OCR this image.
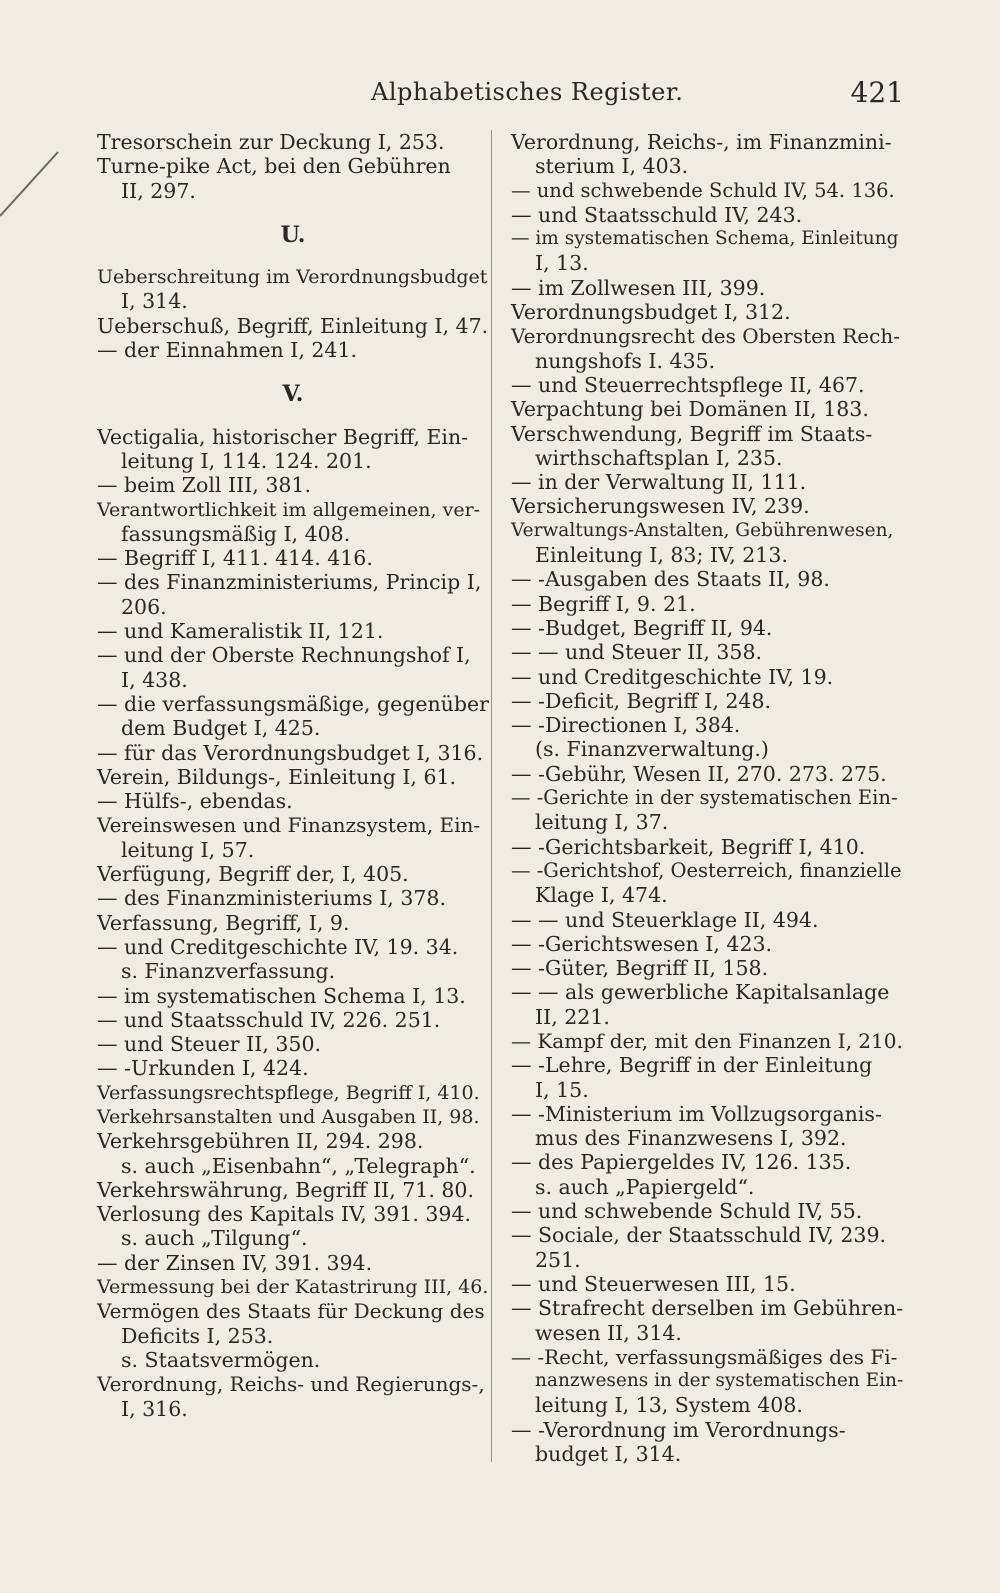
Alphabetisches Register.	421
Tresorschein zur Deckung I, 253.
Turne-pike Act, bei den Gebühren
II, 297.
U.
Ueberschreitung im Verordnungsbudget
I, 314.
Ueberschuß, Begriff, Einleitung I, 47.
— der Einnahmen I, 241.
V.
Vectigalia, historischer Begriff, Ein-
leitung I, 114. 124. 201.
— beim Zoll III, 381.
Verantwortlichkeit im allgemeinen, ver-
fassungsmäßig I, 408.
— Begriff I, 411. 414. 416.
— des Finanzministeriums, Princip I,
206.
— und Kameralistik II, 121.
— und der Oberste Rechnungshof I,
I, 438.
— die verfassungsmäßige, gegenüber
dem Budget I, 425.
— für das Verordnungsbudget I, 316.
Verein, Bildungs-, Einleitung I, 61.
— Hülfs-, ebendas.
Vereinswesen und Finanzsystem, Ein-
leitung I, 57.
Verfügung, Begriff der, I, 405.
— des Finanzministeriums I, 378.
Verfassung, Begriff, I, 9.
— und Creditgeschichte IV, 19. 34.
s. Finanzverfassung.
— im systematischen Schema I, 13.
— und Staatsschuld IV, 226. 251.
— und Steuer II, 350.
— -Urkunden I, 424.
Verfassungsrechtspflege, Begriff I, 410.
Verkehrsanstalten und Ausgaben II, 98.
Verkehrsgebühren II, 294. 298.
s. auch „Eisenbahn“, „Telegraph“.
Verkehrswährung, Begriff II, 71. 80.
Verlosung des Kapitals IV, 391. 394.
s. auch „Tilgung“.
— der Zinsen IV, 391. 394.
Vermessung bei der Katastrirung III, 46.
Vermögen des Staats für Deckung des
Deficits I, 253.
s. Staatsvermögen.
Verordnung, Reichs- und Regierungs-,
I, 316.
Verordnung, Reichs-, im Finanzmini-
sterium I, 403.
— und schwebende Schuld IV, 54. 136.
— und Staatsschuld IV, 243.
— im systematischen Schema, Einleitung
I, 13.
— im Zollwesen III, 399.
Verordnungsbudget I, 312.
Verordnungsrecht des Obersten Rech-
nungshofs I. 435.
— und Steuerrechtspflege II, 467.
Verpachtung bei Domänen II, 183.
Verschwendung, Begriff im Staats-
wirthschaftsplan I, 235.
— in der Verwaltung II, 111.
Versicherungswesen IV, 239.
Verwaltungs-Anstalten, Gebührenwesen,
Einleitung I, 83; IV, 213.
— -Ausgaben des Staats II, 98.
— Begriff I, 9. 21.
— -Budget, Begriff II, 94.
— — und Steuer II, 358.
— und Creditgeschichte IV, 19.
— -Deficit, Begriff I, 248.
— -Directionen I, 384.
(s. Finanzverwaltung.)
— -Gebühr, Wesen II, 270. 273. 275.
— -Gerichte in der systematischen Ein-
leitung I, 37.
— -Gerichtsbarkeit, Begriff I, 410.
— -Gerichtshof, Oesterreich, finanzielle
Klage I, 474.
— — und Steuerklage II, 494.
— -Gerichtswesen I, 423.
— -Güter, Begriff II, 158.
— — als gewerbliche Kapitalsanlage
II, 221.
— Kampf der, mit den Finanzen I, 210.
— -Lehre, Begriff in der Einleitung
I, 15.
— -Ministerium im Vollzugsorganis-
mus des Finanzwesens I, 392.
— des Papiergeldes IV, 126. 135.
s. auch „Papiergeld“.
— und schwebende Schuld IV, 55.
— Sociale, der Staatsschuld IV, 239.
251.
— und Steuerwesen III, 15.
— Strafrecht derselben im Gebühren-
wesen II, 314.
— -Recht, verfassungsmäßiges des Fi-
nanzwesens in der systematischen Ein-
leitung I, 13, System 408.
— -Verordnung im Verordnungs-
budget I, 314.
